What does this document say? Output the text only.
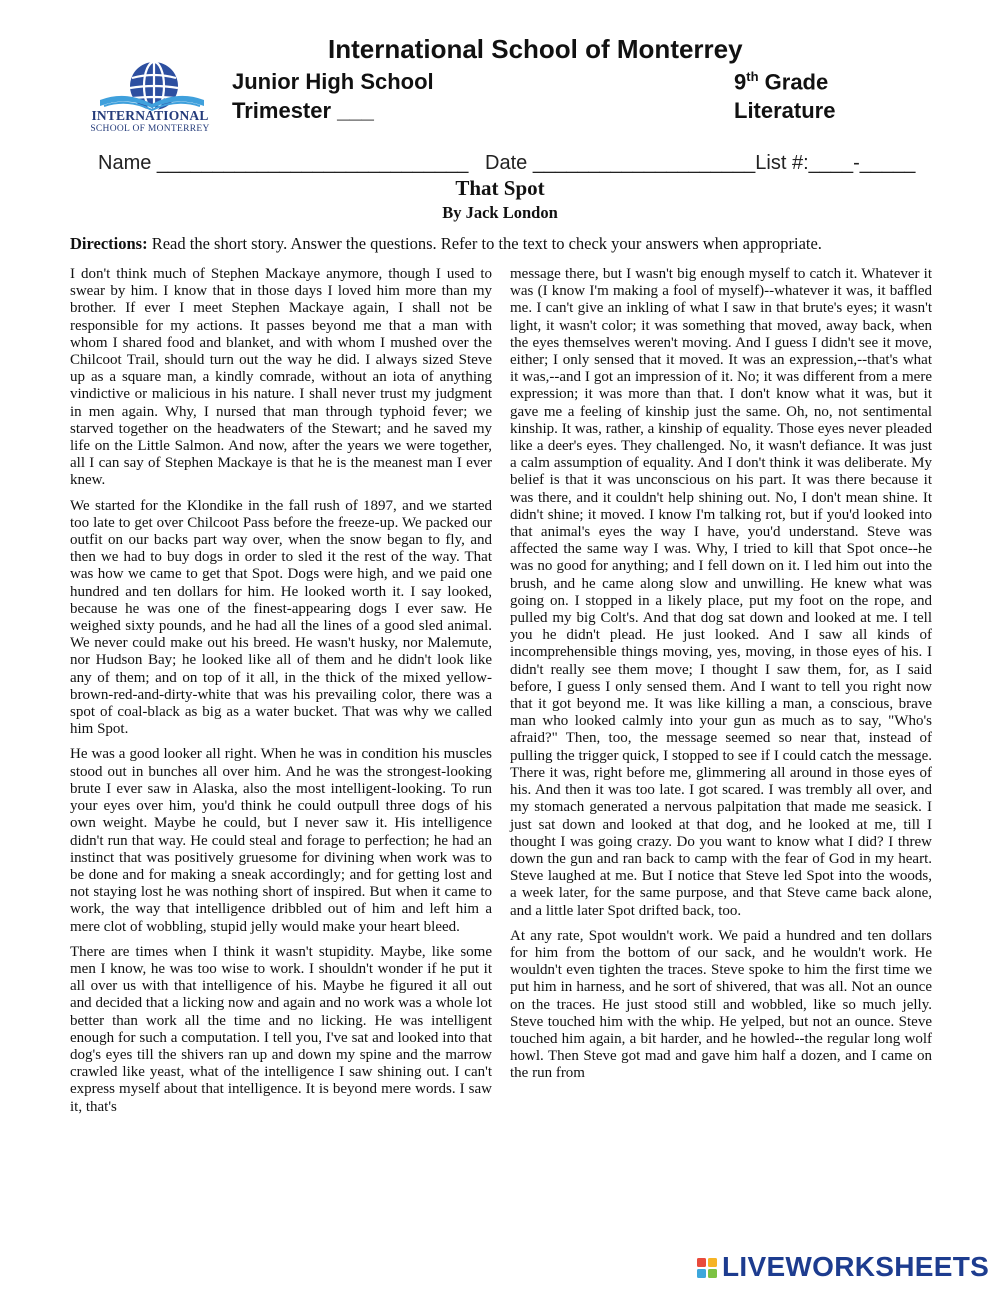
INTERNATIONAL
SCHOOL OF MONTERREY
International School of Monterrey
Junior High School	9th Grade
Trimester ___	Literature
Name ____________________________   Date ____________________List #:____-_____
That Spot
By Jack London
Directions: Read the short story. Answer the questions. Refer to the text to check your answers when appropriate.

I don't think much of Stephen Mackaye anymore, though I used to swear by him. I know that in those days I loved him more than my brother. If ever I meet Stephen Mackaye again, I shall not be responsible for my actions. It passes beyond me that a man with whom I shared food and blanket, and with whom I mushed over the Chilcoot Trail, should turn out the way he did. I always sized Steve up as a square man, a kindly comrade, without an iota of anything vindictive or malicious in his nature. I shall never trust my judgment in men again. Why, I nursed that man through typhoid fever; we starved together on the headwaters of the Stewart; and he saved my life on the Little Salmon. And now, after the years we were together, all I can say of Stephen Mackaye is that he is the meanest man I ever knew.

We started for the Klondike in the fall rush of 1897, and we started too late to get over Chilcoot Pass before the freeze-up. We packed our outfit on our backs part way over, when the snow began to fly, and then we had to buy dogs in order to sled it the rest of the way. That was how we came to get that Spot. Dogs were high, and we paid one hundred and ten dollars for him. He looked worth it. I say looked, because he was one of the finest-appearing dogs I ever saw. He weighed sixty pounds, and he had all the lines of a good sled animal. We never could make out his breed. He wasn't husky, nor Malemute, nor Hudson Bay; he looked like all of them and he didn't look like any of them; and on top of it all, in the thick of the mixed yellow-brown-red-and-dirty-white that was his prevailing color, there was a spot of coal-black as big as a water bucket. That was why we called him Spot.

He was a good looker all right. When he was in condition his muscles stood out in bunches all over him. And he was the strongest-looking brute I ever saw in Alaska, also the most intelligent-looking. To run your eyes over him, you'd think he could outpull three dogs of his own weight. Maybe he could, but I never saw it. His intelligence didn't run that way. He could steal and forage to perfection; he had an instinct that was positively gruesome for divining when work was to be done and for making a sneak accordingly; and for getting lost and not staying lost he was nothing short of inspired. But when it came to work, the way that intelligence dribbled out of him and left him a mere clot of wobbling, stupid jelly would make your heart bleed.

There are times when I think it wasn't stupidity. Maybe, like some men I know, he was too wise to work. I shouldn't wonder if he put it all over us with that intelligence of his. Maybe he figured it all out and decided that a licking now and again and no work was a whole lot better than work all the time and no licking. He was intelligent enough for such a computation. I tell you, I've sat and looked into that dog's eyes till the shivers ran up and down my spine and the marrow crawled like yeast, what of the intelligence I saw shining out. I can't express myself about that intelligence. It is beyond mere words. I saw it, that's

message there, but I wasn't big enough myself to catch it. Whatever it was (I know I'm making a fool of myself)--whatever it was, it baffled me. I can't give an inkling of what I saw in that brute's eyes; it wasn't light, it wasn't color; it was something that moved, away back, when the eyes themselves weren't moving. And I guess I didn't see it move, either; I only sensed that it moved. It was an expression,--that's what it was,--and I got an impression of it. No; it was different from a mere expression; it was more than that. I don't know what it was, but it gave me a feeling of kinship just the same. Oh, no, not sentimental kinship. It was, rather, a kinship of equality. Those eyes never pleaded like a deer's eyes. They challenged. No, it wasn't defiance. It was just a calm assumption of equality. And I don't think it was deliberate. My belief is that it was unconscious on his part. It was there because it was there, and it couldn't help shining out. No, I don't mean shine. It didn't shine; it moved. I know I'm talking rot, but if you'd looked into that animal's eyes the way I have, you'd understand. Steve was affected the same way I was. Why, I tried to kill that Spot once--he was no good for anything; and I fell down on it. I led him out into the brush, and he came along slow and unwilling. He knew what was going on. I stopped in a likely place, put my foot on the rope, and pulled my big Colt's. And that dog sat down and looked at me. I tell you he didn't plead. He just looked. And I saw all kinds of incomprehensible things moving, yes, moving, in those eyes of his. I didn't really see them move; I thought I saw them, for, as I said before, I guess I only sensed them. And I want to tell you right now that it got beyond me. It was like killing a man, a conscious, brave man who looked calmly into your gun as much as to say, "Who's afraid?" Then, too, the message seemed so near that, instead of pulling the trigger quick, I stopped to see if I could catch the message. There it was, right before me, glimmering all around in those eyes of his. And then it was too late. I got scared. I was trembly all over, and my stomach generated a nervous palpitation that made me seasick. I just sat down and looked at that dog, and he looked at me, till I thought I was going crazy. Do you want to know what I did? I threw down the gun and ran back to camp with the fear of God in my heart. Steve laughed at me. But I notice that Steve led Spot into the woods, a week later, for the same purpose, and that Steve came back alone, and a little later Spot drifted back, too.

At any rate, Spot wouldn't work. We paid a hundred and ten dollars for him from the bottom of our sack, and he wouldn't work. He wouldn't even tighten the traces. Steve spoke to him the first time we put him in harness, and he sort of shivered, that was all. Not an ounce on the traces. He just stood still and wobbled, like so much jelly. Steve touched him with the whip. He yelped, but not an ounce. Steve touched him again, a bit harder, and he howled--the regular long wolf howl. Then Steve got mad and gave him half a dozen, and I came on the run from

LIVEWORKSHEETS
